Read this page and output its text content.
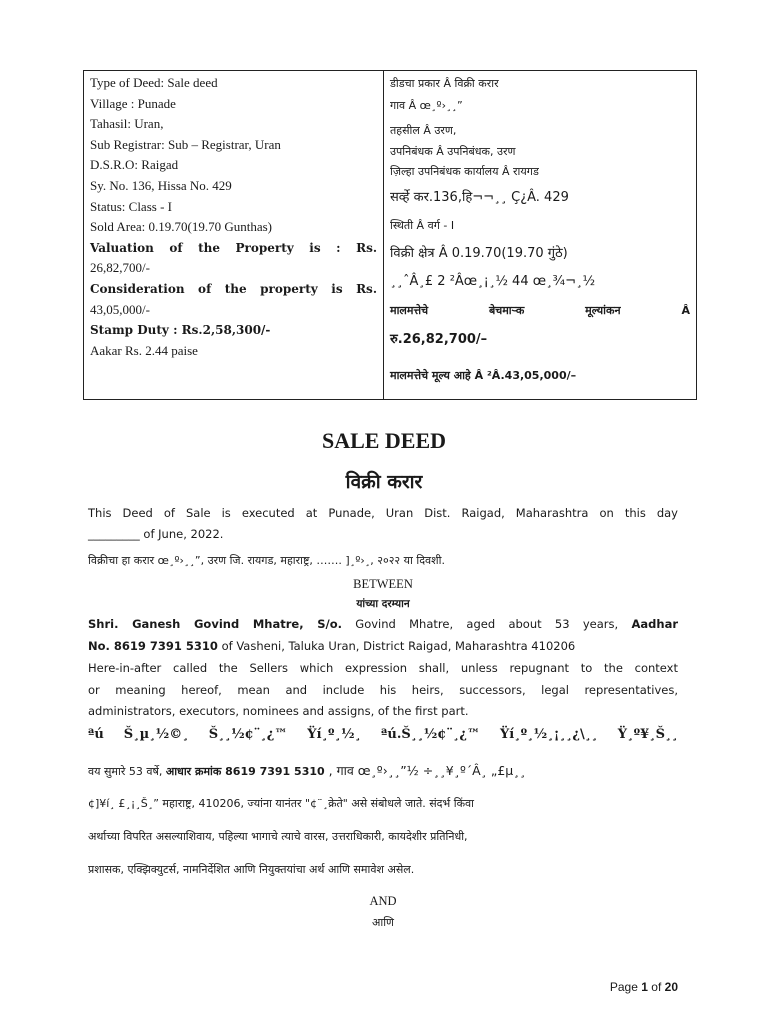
Type of Deed: Sale deed
Village : Punade
Tahasil: Uran,
Sub Registrar: Sub – Registrar, Uran
D.S.R.O: Raigad
Sy. No. 136, Hissa No. 429
Status: Class - I
Sold Area: 0.19.70(19.70 Gunthas)
Valuation of the Property is : Rs.
26,82,700/-
Consideration of the property is Rs.
43,05,000/-
Stamp Duty : Rs.2,58,300/-
Aakar Rs. 2.44 paise

डीडचा प्रकार Â विक्री करार
गाव Â œ¸º›¸¸”
तहसील Â उरण,
उपनिबंधक Â उपनिबंधक, उरण
ज़िल्हा उपनिबंधक कार्यालय Â रायगड
सर्व्हे कर.136,हि¬¬¸¸ Ç¿Â. 429
स्थिती Â वर्ग - I
विक्री क्षेत्र Â 0.19.70(19.70 गुंठे)
¸¸ˆÂ¸£ 2 ²Âœ¸¡¸½ 44 œ¸¾¬¸½
मालमत्तेचे बेचमाऱ्क मूल्यांकन Â
रु.26,82,700/–
मालमत्तेचे मूल्य आहे Â ²Â.43,05,000/–
SALE DEED
विक्री करार
This Deed of Sale is executed at Punade, Uran Dist. Raigad, Maharashtra on this day
_________ of June, 2022.
विक्रीचा हा करार œ¸º›¸¸”, उरण जि. रायगड, महाराष्ट्र, ……. ]¸º›¸, २०२२ या दिवशी.
BETWEEN
यांच्या दरम्यान
Shri. Ganesh Govind Mhatre, S/o. Govind Mhatre, aged about 53 years, Aadhar
No. 8619 7391 5310 of Vasheni, Taluka Uran, District Raigad, Maharashtra 410206
Here-in-after called the Sellers which expression shall, unless repugnant to the context
or meaning hereof, mean and include his heirs, successors, legal representatives,
administrators, executors, nominees and assigns, of the first part.
ªú Š¸µ¸½©¸ Š¸¸½¢¨¸¿™ Ÿí¸º¸½¸ ªú.Š¸¸½¢¨¸¿™ Ÿí¸º¸½¸¡¸¸¿\¸¸ Ÿ¸º¥¸Š¸¸
वय सुमारे 53 वर्षे, आधार क्रमांक 8619 7391 5310 , गाव œ¸º›¸¸”½ ÷¸¸¥¸º´Â¸ „£µ¸¸
¢]¥í¸ £¸¡¸Š¸” महाराष्ट्र, 410206, ज्यांना यानंतर "¢¨¸क्रेते" असे संबोधले जाते. संदर्भ किंवा
अर्थाच्या विपरित असल्याशिवाय, पहिल्या भागाचे त्याचे वारस, उत्तराधिकारी, कायदेशीर प्रतिनिधी,
प्रशासक, एक्झिक्युटर्स, नामनिर्देशित आणि नियुक्तयांचा अर्थ आणि समावेश असेल.
AND
आणि
Page 1 of 20
